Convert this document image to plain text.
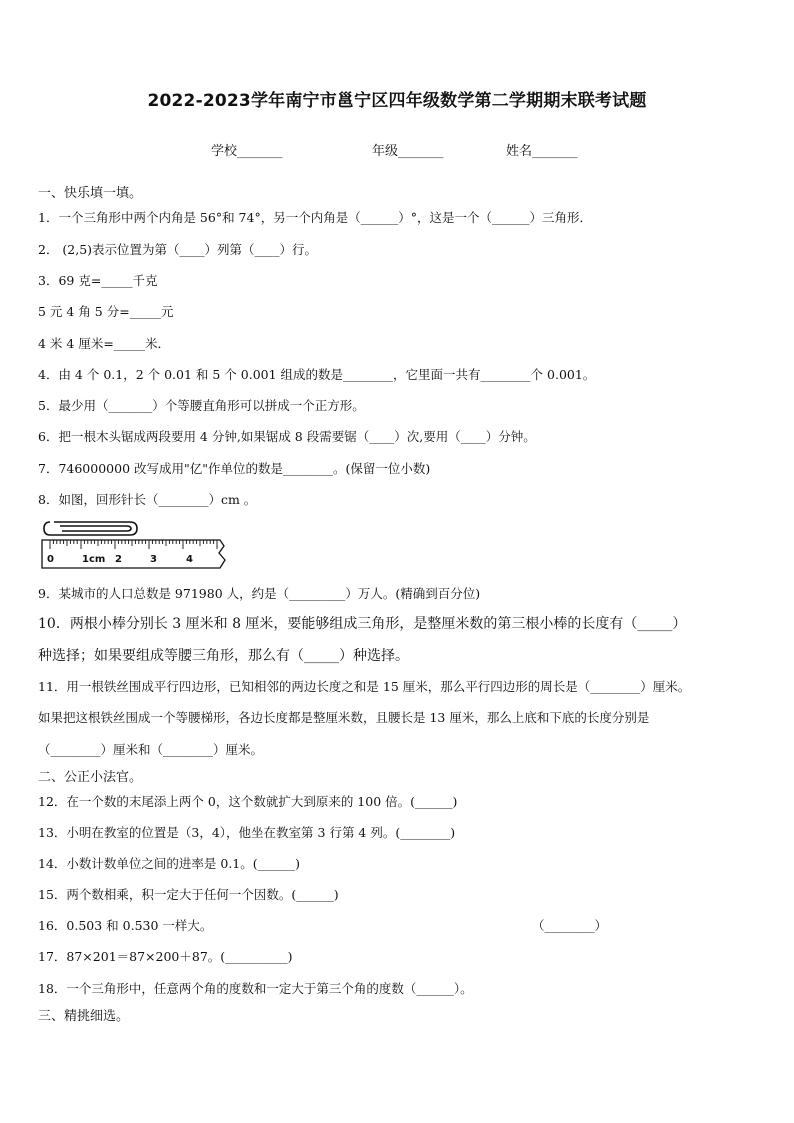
2022-2023学年南宁市邕宁区四年级数学第二学期期末联考试题
学校_______	年级_______	姓名_______
一、快乐填一填。
1．一个三角形中两个内角是 56°和 74°，另一个内角是（______）°，这是一个（______）三角形．
2． (2,5)表示位置为第（____）列第（____）行。
3．69 克=_____千克
5 元 4 角 5 分=_____元
4 米 4 厘米=_____米．
4．由 4 个 0.1，2 个 0.01 和 5 个 0.001 组成的数是________，它里面一共有________个 0.001。
5．最少用（_______）个等腰直角形可以拼成一个正方形。
6．把一根木头锯成两段要用 4 分钟,如果锯成 8 段需要锯（____）次,要用（____）分钟。
7．746000000 改写成用"亿"作单位的数是________。(保留一位小数)
8．如图，回形针长（________）cm 。
0	1cm 2	3	4
9．某城市的人口总数是 971980 人，约是（_________）万人。(精确到百分位)
10．两根小棒分别长 3 厘米和 8 厘米，要能够组成三角形，是整厘米数的第三根小棒的长度有（_____）
种选择；如果要组成等腰三角形，那么有（_____）种选择。
11．用一根铁丝围成平行四边形，已知相邻的两边长度之和是 15 厘米，那么平行四边形的周长是（________）厘米。
如果把这根铁丝围成一个等腰梯形，各边长度都是整厘米数，且腰长是 13 厘米，那么上底和下底的长度分别是
（________）厘米和（________）厘米。
二、公正小法官。
12．在一个数的末尾添上两个 0，这个数就扩大到原来的 100 倍。(______)
13．小明在教室的位置是（3，4），他坐在教室第 3 行第 4 列。(________)
14．小数计数单位之间的进率是 0.1。(______)
15．两个数相乘，积一定大于任何一个因数。(______)
16．0.503 和 0.530 一样大。	（________）
17．87×201＝87×200＋87。(__________)
18．一个三角形中，任意两个角的度数和一定大于第三个角的度数（______）。
三、精挑细选。
